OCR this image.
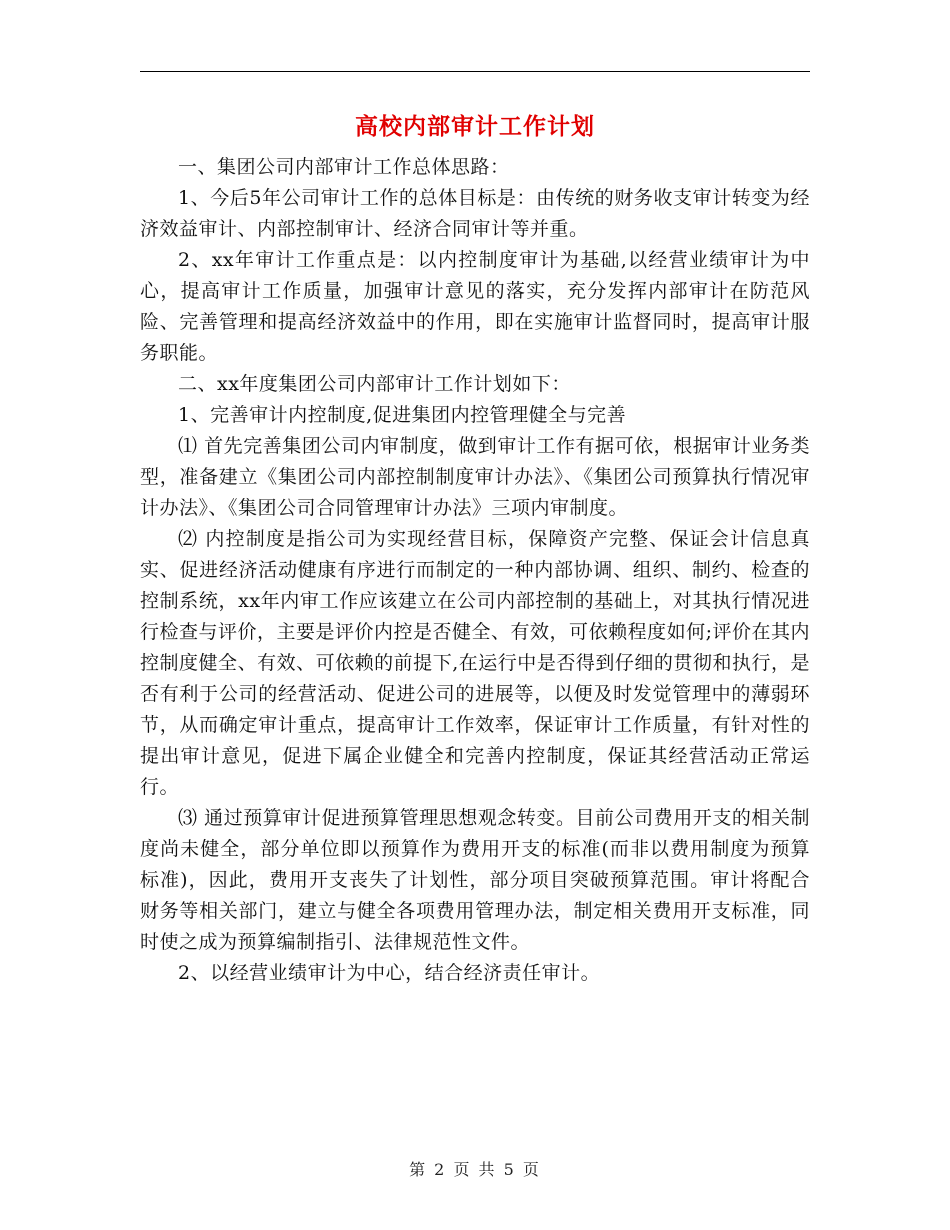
高校内部审计工作计划

一、集团公司内部审计工作总体思路：

1、今后5年公司审计工作的总体目标是：由传统的财务收支审计转变为经济效益审计、内部控制审计、经济合同审计等并重。

2、xx年审计工作重点是：以内控制度审计为基础,以经营业绩审计为中心，提高审计工作质量，加强审计意见的落实，充分发挥内部审计在防范风险、完善管理和提高经济效益中的作用，即在实施审计监督同时，提高审计服务职能。

二、xx年度集团公司内部审计工作计划如下：

1、完善审计内控制度,促进集团内控管理健全与完善

⑴ 首先完善集团公司内审制度，做到审计工作有据可依，根据审计业务类型，准备建立《集团公司内部控制制度审计办法》、《集团公司预算执行情况审计办法》、《集团公司合同管理审计办法》三项内审制度。

⑵ 内控制度是指公司为实现经营目标，保障资产完整、保证会计信息真实、促进经济活动健康有序进行而制定的一种内部协调、组织、制约、检查的控制系统，xx年内审工作应该建立在公司内部控制的基础上，对其执行情况进行检查与评价，主要是评价内控是否健全、有效，可依赖程度如何;评价在其内控制度健全、有效、可依赖的前提下,在运行中是否得到仔细的贯彻和执行，是否有利于公司的经营活动、促进公司的进展等，以便及时发觉管理中的薄弱环节，从而确定审计重点，提高审计工作效率，保证审计工作质量，有针对性的提出审计意见，促进下属企业健全和完善内控制度，保证其经营活动正常运行。

⑶ 通过预算审计促进预算管理思想观念转变。目前公司费用开支的相关制度尚未健全，部分单位即以预算作为费用开支的标准(而非以费用制度为预算标准)，因此，费用开支丧失了计划性，部分项目突破预算范围。审计将配合财务等相关部门，建立与健全各项费用管理办法，制定相关费用开支标准，同时使之成为预算编制指引、法律规范性文件。

2、以经营业绩审计为中心，结合经济责任审计。

第 2 页 共 5 页
